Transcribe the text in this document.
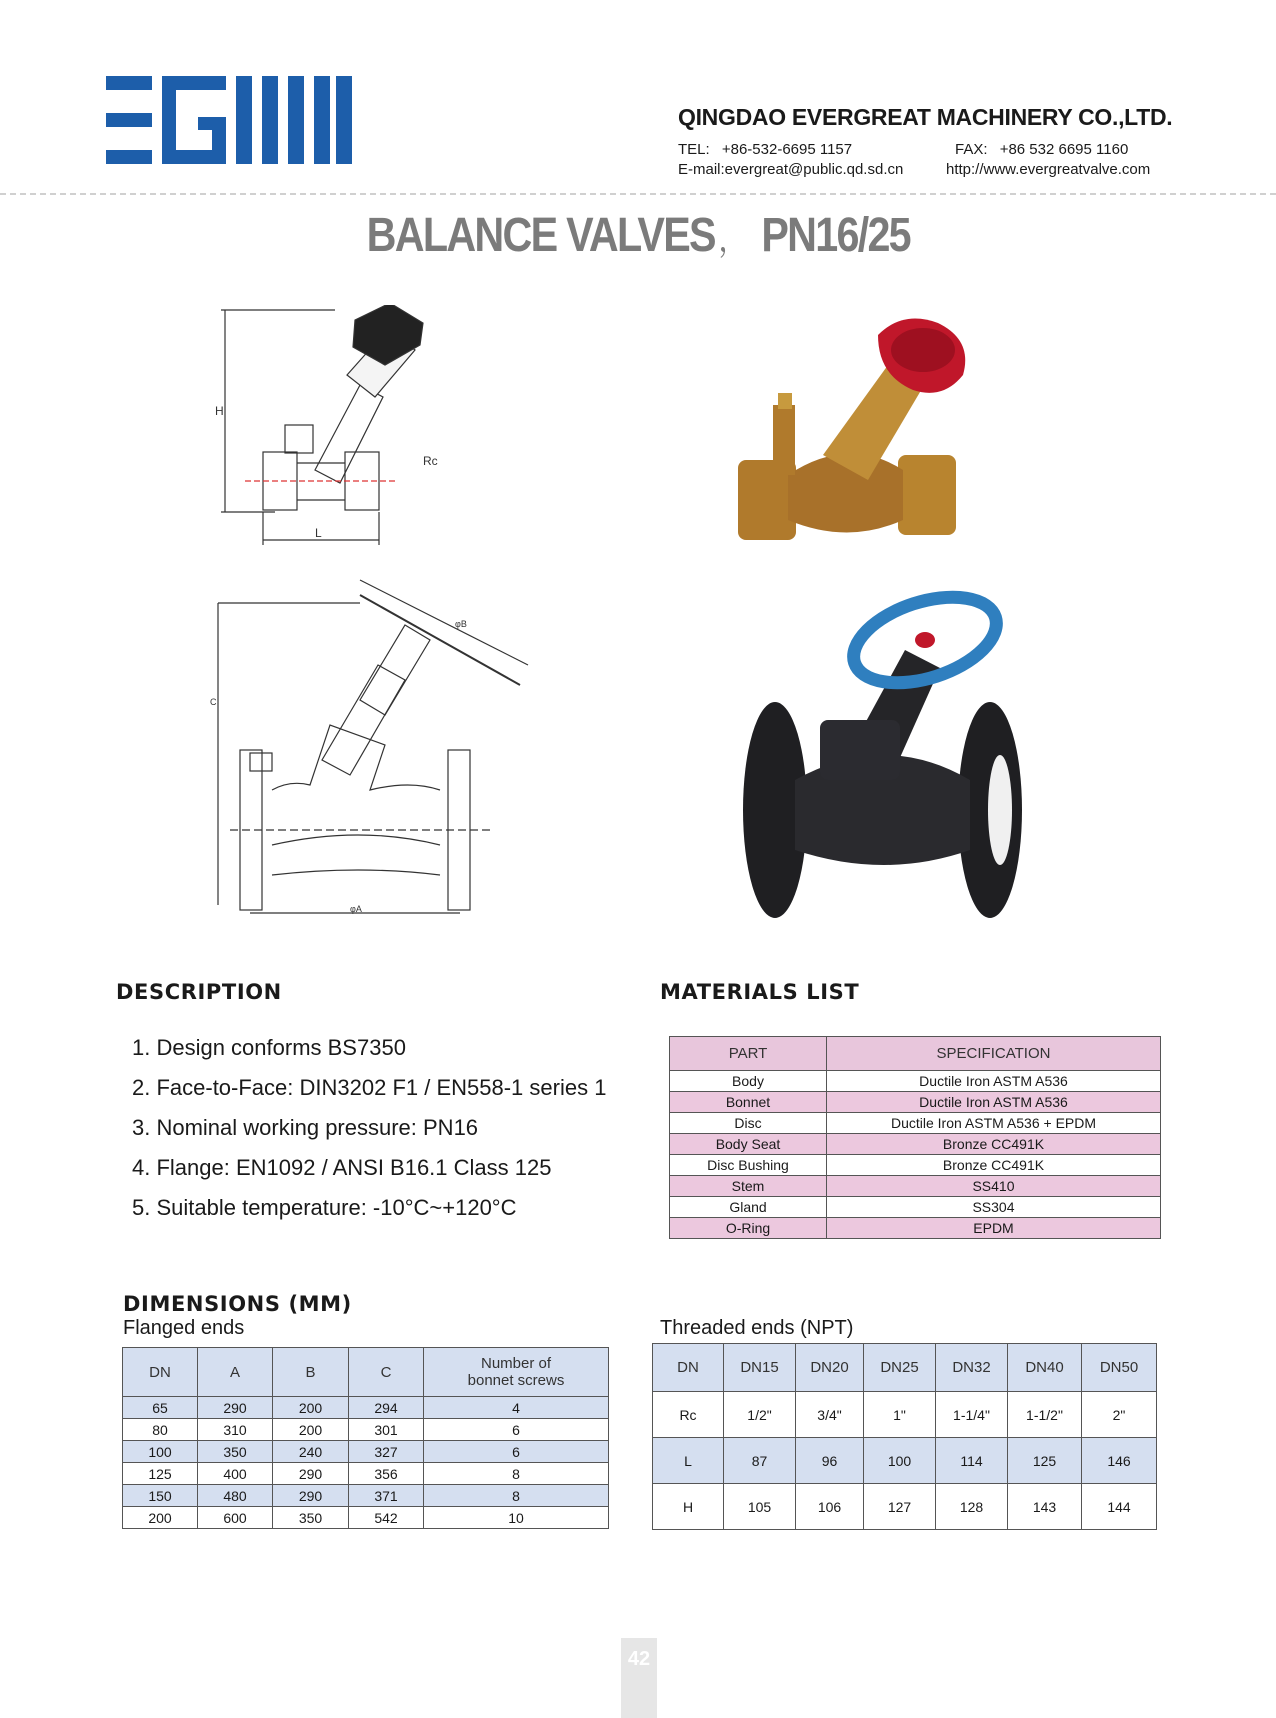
QINGDAO EVERGREAT MACHINERY CO.,LTD.
TEL: +86-532-6695 1157	FAX: +86 532 6695 1160
E-mail:evergreat@public.qd.sd.cn	http://www.evergreatvalve.com
BALANCE VALVES ， PN16/25
H
L
Rc
φB
φA
C
DESCRIPTION
1. Design conforms BS7350
2. Face-to-Face: DIN3202 F1 / EN558-1 series 1
3. Nominal working pressure: PN16
4. Flange: EN1092 / ANSI B16.1 Class 125
5. Suitable temperature: -10°C~+120°C
MATERIALS LIST
PART	SPECIFICATION
Body	Ductile Iron ASTM A536
Bonnet	Ductile Iron ASTM A536
Disc	Ductile Iron ASTM A536 + EPDM
Body Seat	Bronze CC491K
Disc Bushing	Bronze CC491K
Stem	SS410
Gland	SS304
O-Ring	EPDM
DIMENSIONS (MM)
Flanged ends	Threaded ends (NPT)
DN	A	B	C	Number of
bonnet screws
65	290	200	294	4
80	310	200	301	6
100	350	240	327	6
125	400	290	356	8
150	480	290	371	8
200	600	350	542	10
DN	DN15	DN20	DN25	DN32	DN40	DN50
Rc	1/2"	3/4"	1"	1-1/4"	1-1/2"	2"
L	87	96	100	114	125	146
H	105	106	127	128	143	144
42
